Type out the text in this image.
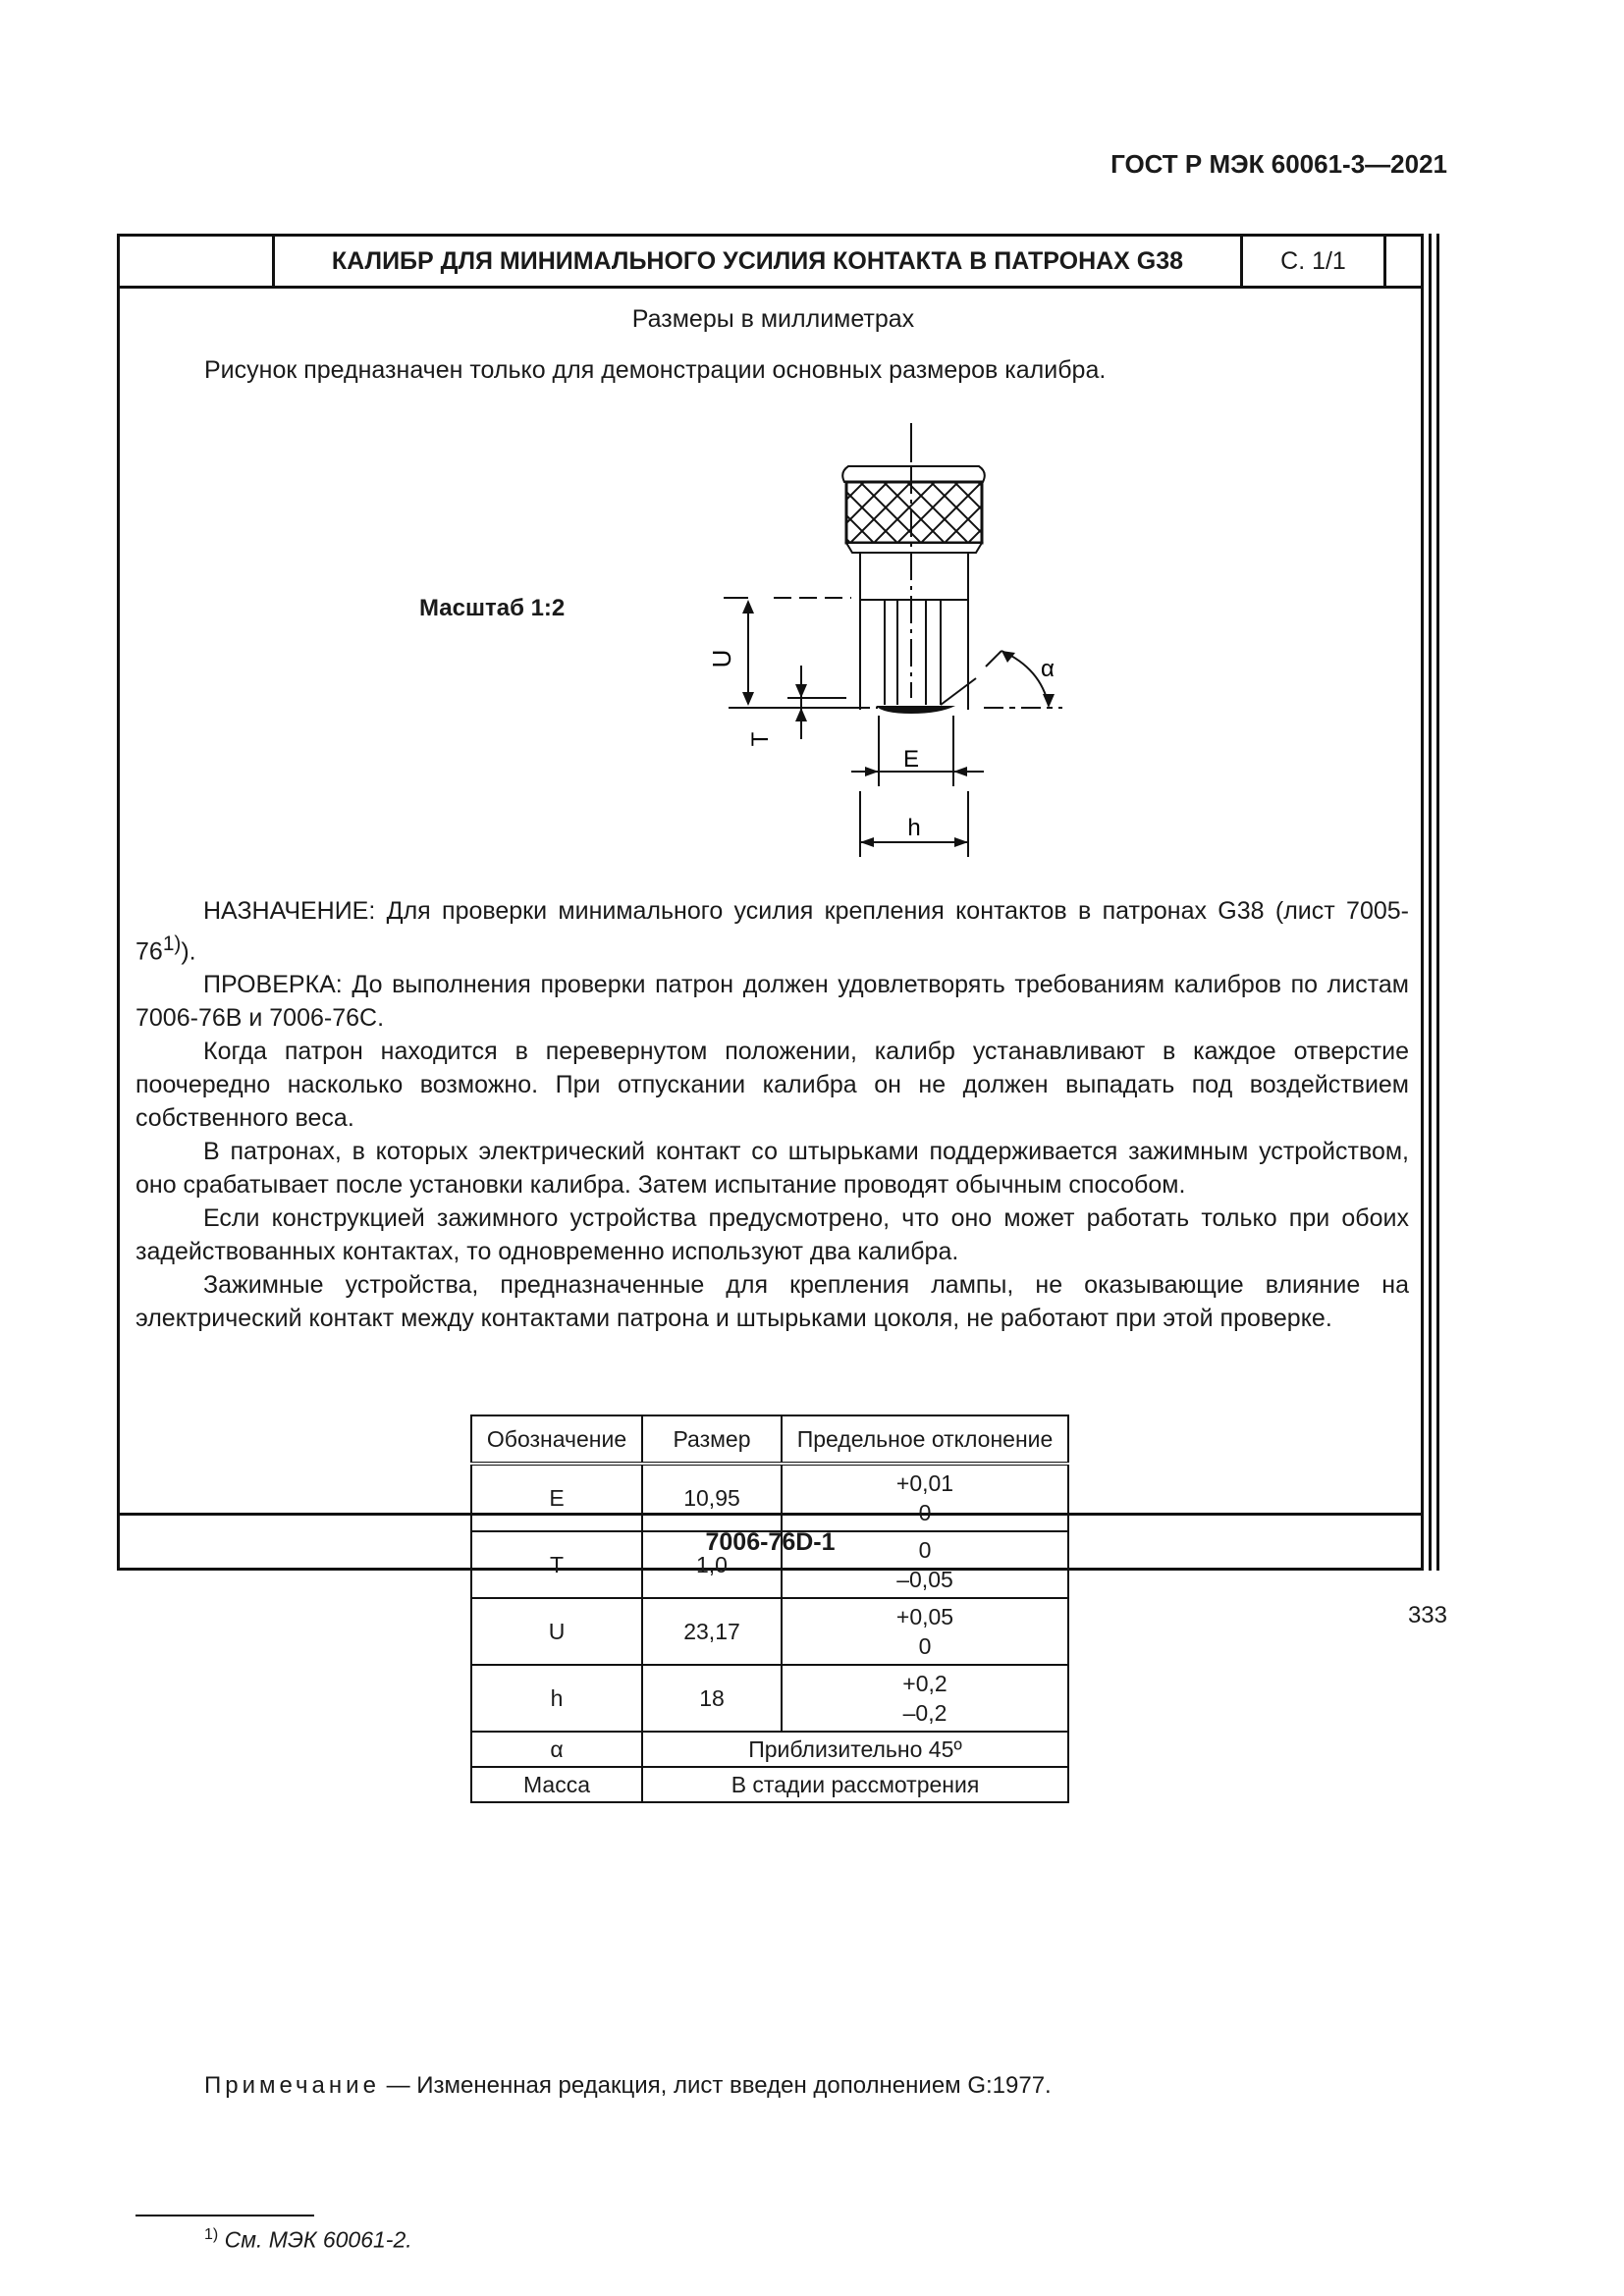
ГОСТ Р МЭК 60061-3—2021
КАЛИБР ДЛЯ МИНИМАЛЬНОГО УСИЛИЯ КОНТАКТА В ПАТРОНАХ G38	С. 1/1
Размеры в миллиметрах
Рисунок предназначен только для демонстрации основных размеров калибра.
Масштаб 1:2
U
T
E
h
α

НАЗНАЧЕНИЕ: Для проверки минимального усилия крепления контактов в патронах G38 (лист 7005-76$^{1)}$).

ПРОВЕРКА: До выполнения проверки патрон должен удовлетворять требованиям калибров по листам 7006-76B и 7006-76C.

Когда патрон находится в перевернутом положении, калибр устанавливают в каждое отверстие поочередно насколько возможно. При отпускании калибра он не должен выпадать под воздействием собственного веса.

В патронах, в которых электрический контакт со штырьками поддерживается зажимным устройством, оно срабатывает после установки калибра. Затем испытание проводят обычным способом.

Если конструкцией зажимного устройства предусмотрено, что оно может работать только при обоих задействованных контактах, то одновременно используют два калибра.

Зажимные устройства, предназначенные для крепления лампы, не оказывающие влияние на электрический контакт между контактами патрона и штырьками цоколя, не работают при этой проверке.

Обозначение	Размер	Предельное отклонение
E	10,95	+0,01
0

T	1,0	0
–0,05

U	23,17	+0,05
0

h	18	+0,2
–0,2

α	Приблизительно 45º	
Масса	В стадии рассмотрения	
Примечание — Измененная редакция, лист введен дополнением G:1977.
$^{1)}$ См. МЭК 60061-2.
7006-76D-1
333
